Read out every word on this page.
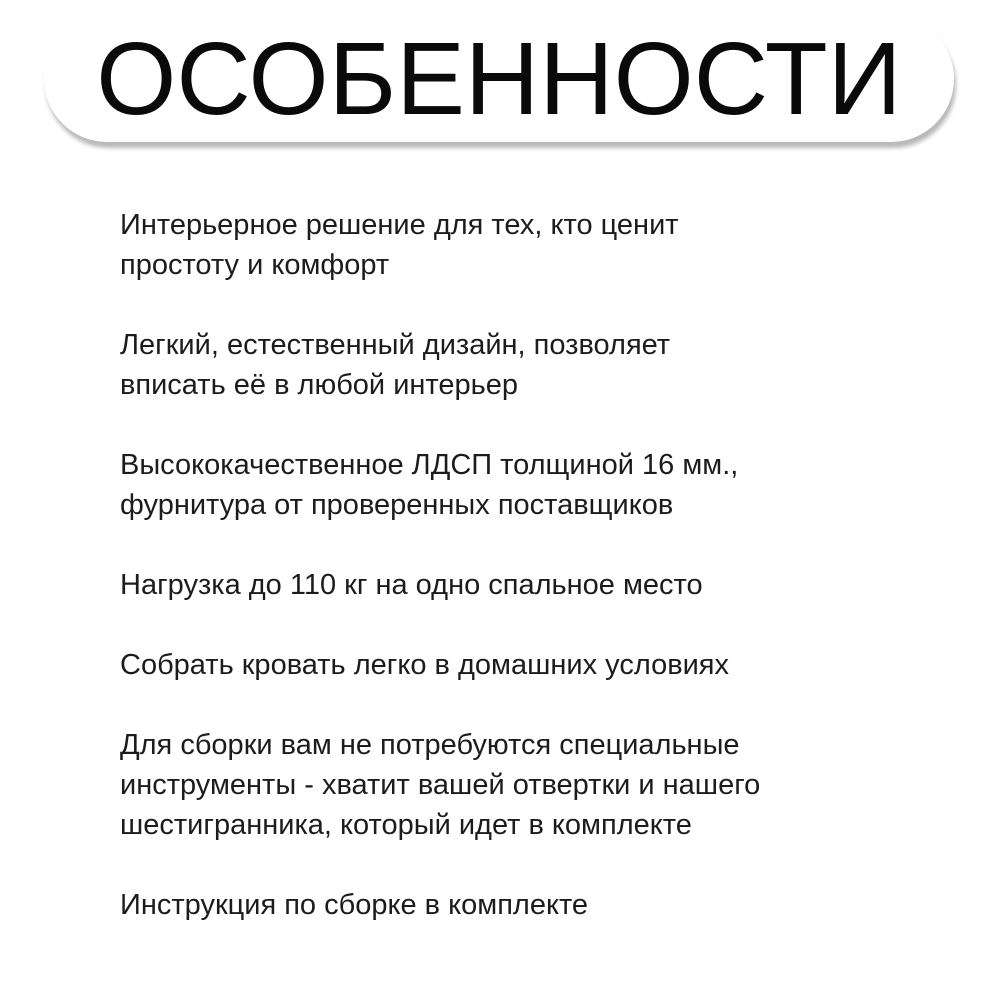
ОСОБЕННОСТИ
Интерьерное решение для тех, кто ценит
простоту и комфорт
Легкий, естественный дизайн, позволяет
вписать её в любой интерьер
Высококачественное ЛДСП толщиной 16 мм.,
фурнитура от проверенных поставщиков
Нагрузка до 110 кг на одно спальное место
Собрать кровать легко в домашних условиях
Для сборки вам не потребуются специальные
инструменты - хватит вашей отвертки и нашего
шестигранника, который идет в комплекте
Инструкция по сборке в комплекте
